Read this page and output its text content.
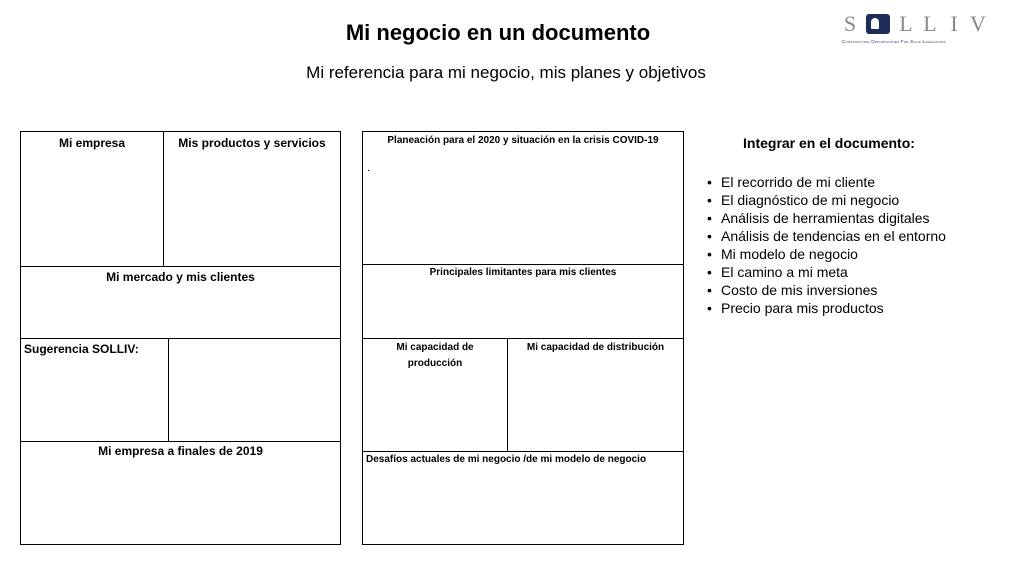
Mi negocio en un documento
Mi referencia para mi negocio, mis planes y objetivos
S L L I V
Constructing Opportunities For Solid Livelihoods
Mi empresa	Mis productos y servicios
Mi mercado y mis clientes
Sugerencia SOLLIV:
Mi empresa a finales de 2019
Planeación para el 2020 y situación en la crisis COVID-19
.
Principales limitantes para mis clientes
Mi capacidad de producción
Mi capacidad de distribución
Desafíos actuales de mi negocio /de mi modelo de negocio
Integrar en el documento:
• El recorrido de mi cliente
• El diagnóstico de mi negocio
• Análisis de herramientas digitales
• Análisis de tendencias en el entorno
• Mi modelo de negocio
• El camino a mi meta
• Costo de mis inversiones
• Precio para mis productos
